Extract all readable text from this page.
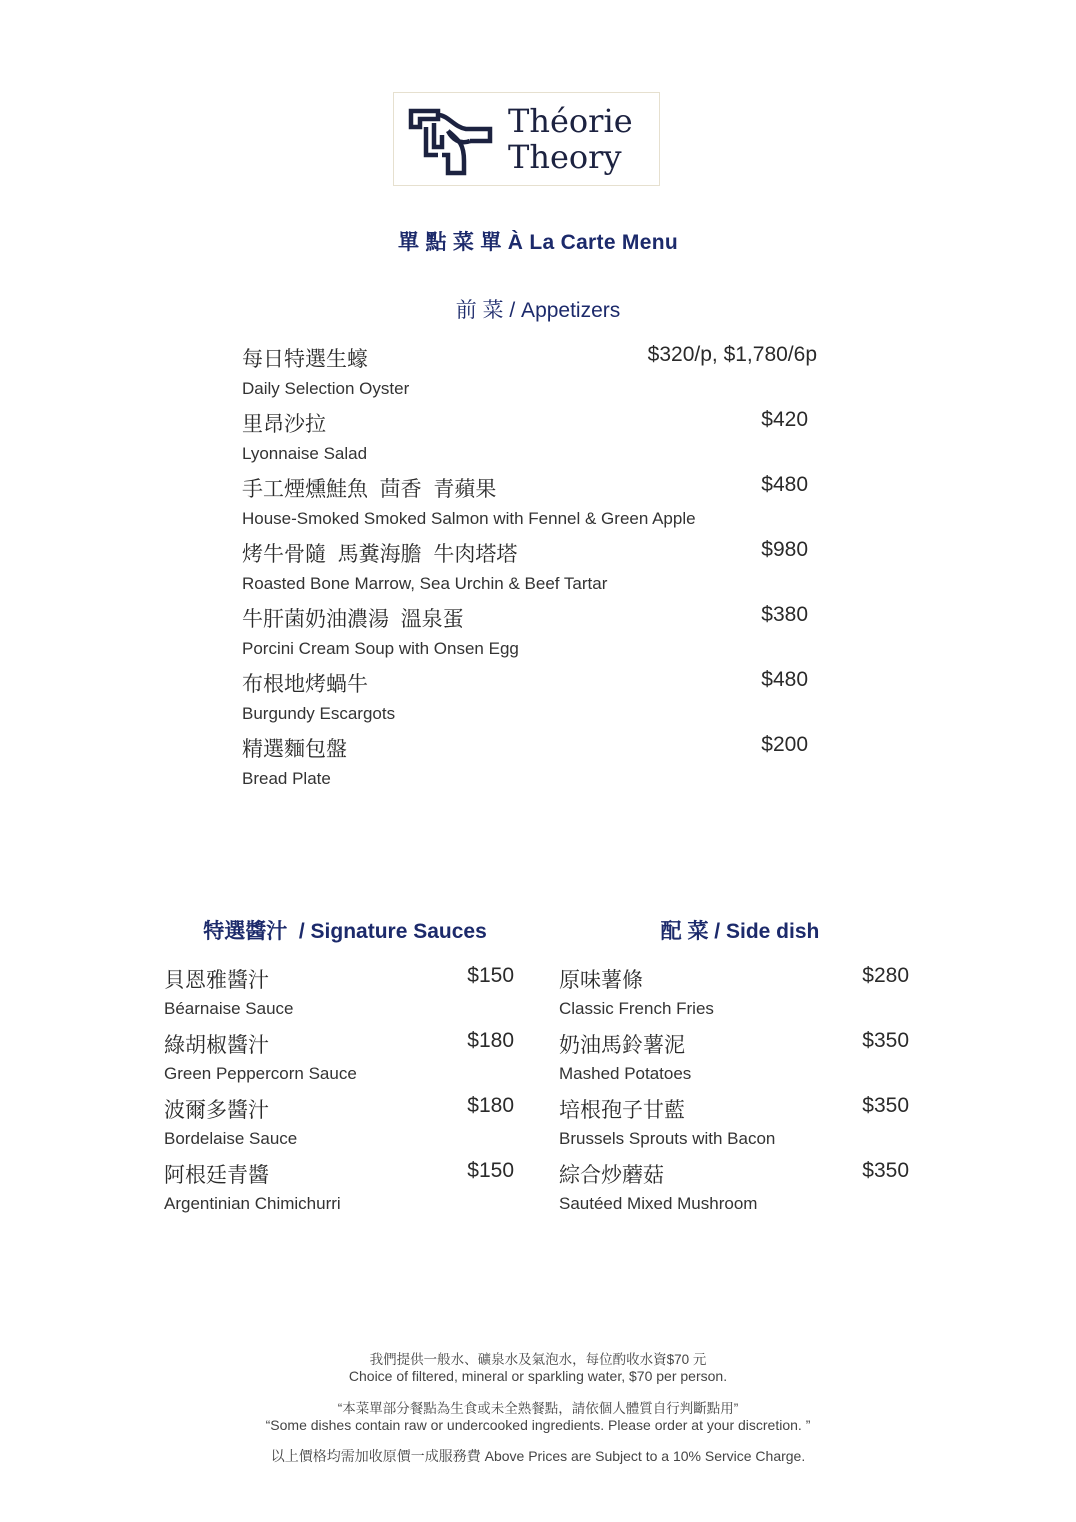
Théorie
Theory
單 點 菜 單 À La Carte Menu
前 菜 / Appetizers
每日特選生蠔	$320/p, $1,780/6p
Daily Selection Oyster
里昂沙拉	$420
Lyonnaise Salad
手工煙燻鮭魚  茴香  青蘋果	$480
House-Smoked Smoked Salmon with Fennel & Green Apple
烤牛骨隨  馬糞海膽  牛肉塔塔	$980
Roasted Bone Marrow, Sea Urchin & Beef Tartar
牛肝菌奶油濃湯  溫泉蛋	$380
Porcini Cream Soup with Onsen Egg
布根地烤蝸牛	$480
Burgundy Escargots
精選麵包盤	$200
Bread Plate
特選醬汁  / Signature Sauces
貝恩雅醬汁	$150
Béarnaise Sauce
綠胡椒醬汁	$180
Green Peppercorn Sauce
波爾多醬汁	$180
Bordelaise Sauce
阿根廷青醬	$150
Argentinian Chimichurri
配 菜 / Side dish
原味薯條	$280
Classic French Fries
奶油馬鈴薯泥	$350
Mashed Potatoes
培根孢子甘藍	$350
Brussels Sprouts with Bacon
綜合炒蘑菇	$350
Sautéed Mixed Mushroom
我們提供一般水、礦泉水及氣泡水，每位酌收水資$70 元
Choice of filtered, mineral or sparkling water, $70 per person.
“本菜單部分餐點為生食或未全熟餐點，請依個人體質自行判斷點用”
“Some dishes contain raw or undercooked ingredients. Please order at your discretion. ”
以上價格均需加收原價一成服務費 Above Prices are Subject to a 10% Service Charge.
